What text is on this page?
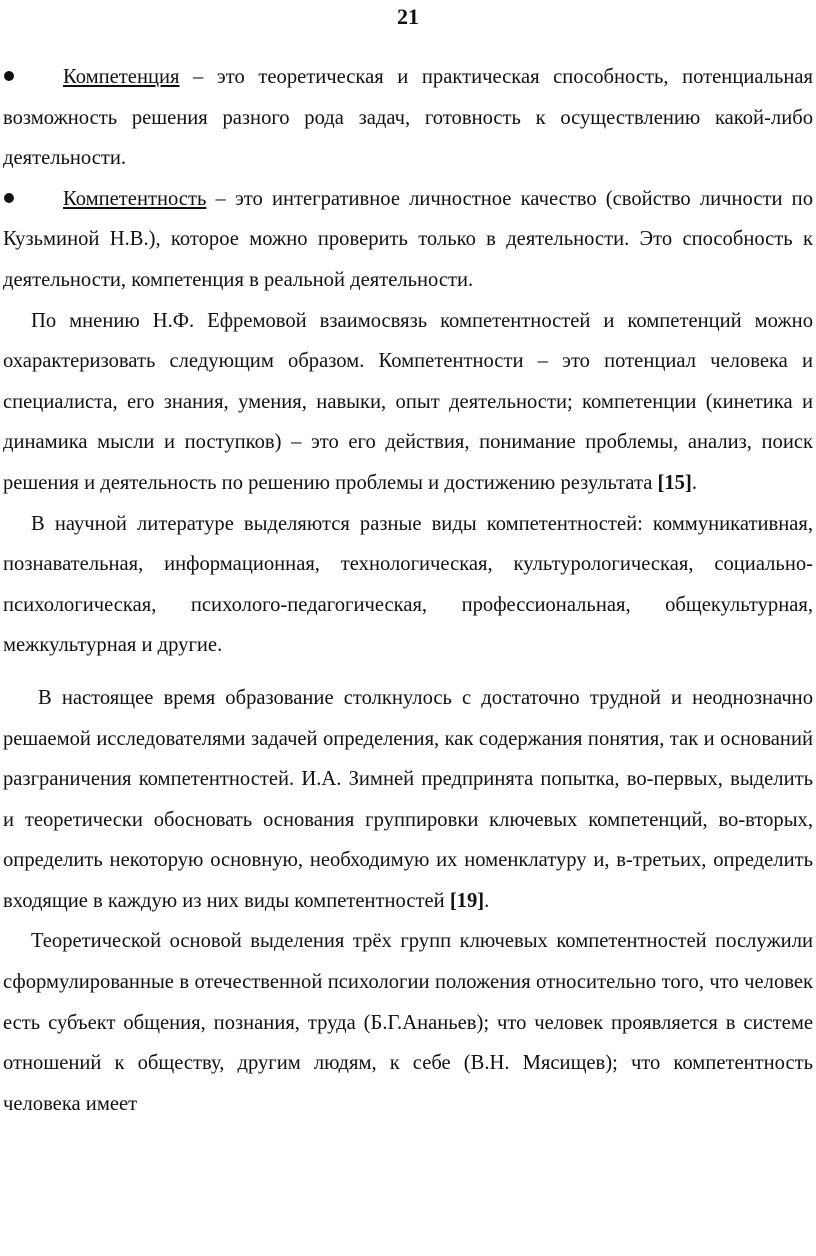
21

Компетенция – это теоретическая и практическая способность, потенциальная возможность решения разного рода задач, готовность к осуществлению какой-либо деятельности.

Компетентность – это интегративное личностное качество (свойство личности по Кузьминой Н.В.), которое можно проверить только в деятельности. Это способность к деятельности, компетенция в реальной деятельности.

По мнению Н.Ф. Ефремовой взаимосвязь компетентностей и компетенций можно охарактеризовать следующим образом. Компетентности – это потенциал человека и специалиста, его знания, умения, навыки, опыт деятельности; компетенции (кинетика и динамика мысли и поступков) – это его действия, понимание проблемы, анализ, поиск решения и деятельность по решению проблемы и достижению результата [15].

В научной литературе выделяются разные виды компетентностей: коммуникативная, познавательная, информационная, технологическая, культурологическая, социально-психологическая, психолого-педагогическая, профессиональная, общекультурная, межкультурная и другие.

В настоящее время образование столкнулось с достаточно трудной и неоднозначно решаемой исследователями задачей определения, как содержания понятия, так и оснований разграничения компетентностей. И.А. Зимней предпринята попытка, во-первых, выделить и теоретически обосновать основания группировки ключевых компетенций, во-вторых, определить некоторую основную, необходимую их номенклатуру и, в-третьих, определить входящие в каждую из них виды компетентностей [19].

Теоретической основой выделения трёх групп ключевых компетентностей послужили сформулированные в отечественной психологии положения относительно того, что человек есть субъект общения, познания, труда (Б.Г.Ананьев); что человек проявляется в системе отношений к обществу, другим людям, к себе (В.Н. Мясищев); что компетентность человека имеет
